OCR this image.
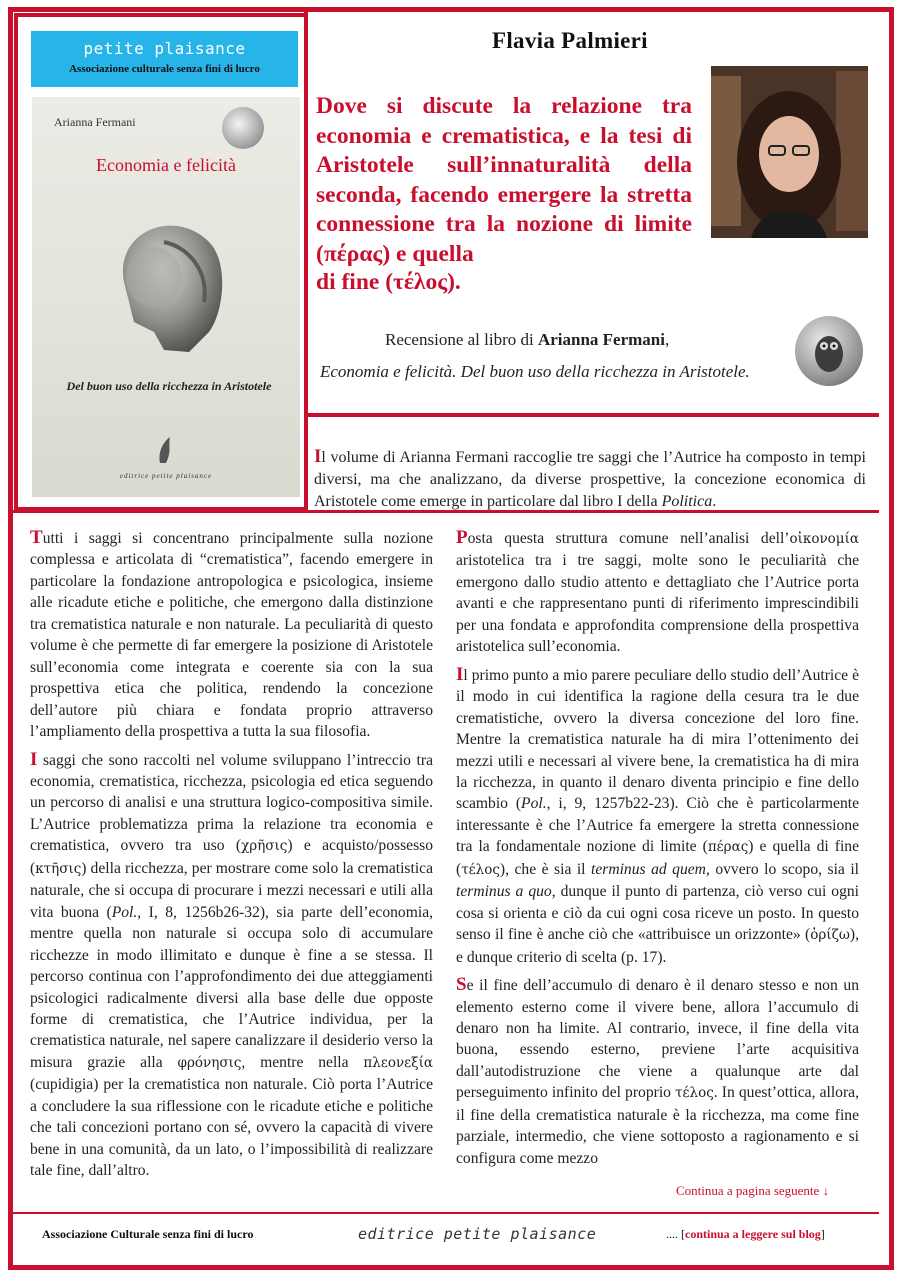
petite plaisance
Associazione culturale senza fini di lucro
Arianna Fermani
Economia e felicità
Del buon uso della ricchezza in Aristotele
editrice petite plaisance
Flavia Palmieri
Dove si discute la relazione tra economia e crematistica, e la tesi di Aristotele sull’innaturalità della seconda, facendo emergere la stretta connessione tra la nozione di limite (πέρας) e quella
di fine (τέλος).
Recensione al libro di Arianna Fermani,
Economia e felicità. Del buon uso della ricchezza in Aristotele.
Il volume di Arianna Fermani raccoglie tre saggi che l’Autrice ha composto in tempi diversi, ma che analizzano, da diverse prospettive, la concezione economica di Aristotele come emerge in particolare dal libro I della Politica.

Tutti i saggi si concentrano principalmente sulla nozione complessa e articolata di “crematistica”, facendo emergere in particolare la fondazione antropologica e psicologica, insieme alle ricadute etiche e politiche, che emergono dalla distinzione tra crematistica naturale e non naturale. La peculiarità di questo volume è che permette di far emergere la posizione di Aristotele sull’economia come integrata e coerente sia con la sua prospettiva etica che politica, rendendo la concezione dell’autore più chiara e fondata proprio attraverso l’ampliamento della prospettiva a tutta la sua filosofia.

I saggi che sono raccolti nel volume sviluppano l’intreccio tra economia, crematistica, ricchezza, psicologia ed etica seguendo un percorso di analisi e una struttura logico-compositiva simile. L’Autrice problematizza prima la relazione tra economia e crematistica, ovvero tra uso (χρῆσις) e acquisto/possesso (κτῆσις) della ricchezza, per mostrare come solo la crematistica naturale, che si occupa di procurare i mezzi necessari e utili alla vita buona (Pol., I, 8, 1256b26-32), sia parte dell’economia, mentre quella non naturale si occupa solo di accumulare ricchezze in modo illimitato e dunque è fine a se stessa. Il percorso continua con l’approfondimento dei due atteggiamenti psicologici radicalmente diversi alla base delle due opposte forme di crematistica, che l’Autrice individua, per la crematistica naturale, nel sapere canalizzare il desiderio verso la misura grazie alla φρόνησις, mentre nella πλεονεξία (cupidigia) per la crematistica non naturale. Ciò porta l’Autrice a concludere la sua riflessione con le ricadute etiche e politiche che tali concezioni portano con sé, ovvero la capacità di vivere bene in una comunità, da un lato, o l’impossibilità di realizzare tale fine, dall’altro.

Posta questa struttura comune nell’analisi dell’οἰκονομία aristotelica tra i tre saggi, molte sono le peculiarità che emergono dallo studio attento e dettagliato che l’Autrice porta avanti e che rappresentano punti di riferimento imprescindibili per una fondata e approfondita comprensione della prospettiva aristotelica sull’economia.

Il primo punto a mio parere peculiare dello studio dell’Autrice è il modo in cui identifica la ragione della cesura tra le due crematistiche, ovvero la diversa concezione del loro fine. Mentre la crematistica naturale ha di mira l’ottenimento dei mezzi utili e necessari al vivere bene, la crematistica ha di mira la ricchezza, in quanto il denaro diventa principio e fine dello scambio (Pol., i, 9, 1257b22-23). Ciò che è particolarmente interessante è che l’Autrice fa emergere la stretta connessione tra la fondamentale nozione di limite (πέρας) e quella di fine (τέλος), che è sia il terminus ad quem, ovvero lo scopo, sia il terminus a quo, dunque il punto di partenza, ciò verso cui ogni cosa si orienta e ciò da cui ogni cosa riceve un posto. In questo senso il fine è anche ciò che «attribuisce un orizzonte» (ὁρίζω), e dunque criterio di scelta (p. 17).

Se il fine dell’accumulo di denaro è il denaro stesso e non un elemento esterno come il vivere bene, allora l’accumulo di denaro non ha limite. Al contrario, invece, il fine della vita buona, essendo esterno, previene l’arte acquisitiva dall’autodistruzione che viene a qualunque arte dal perseguimento infinito del proprio τέλος. In quest’ottica, allora, il fine della crematistica naturale è la ricchezza, ma come fine parziale, intermedio, che viene sottoposto a ragionamento e si configura come mezzo

Continua a pagina seguente ↓
Associazione Culturale senza fini di lucro	editrice petite plaisance	.... [continua a leggere sul blog]
